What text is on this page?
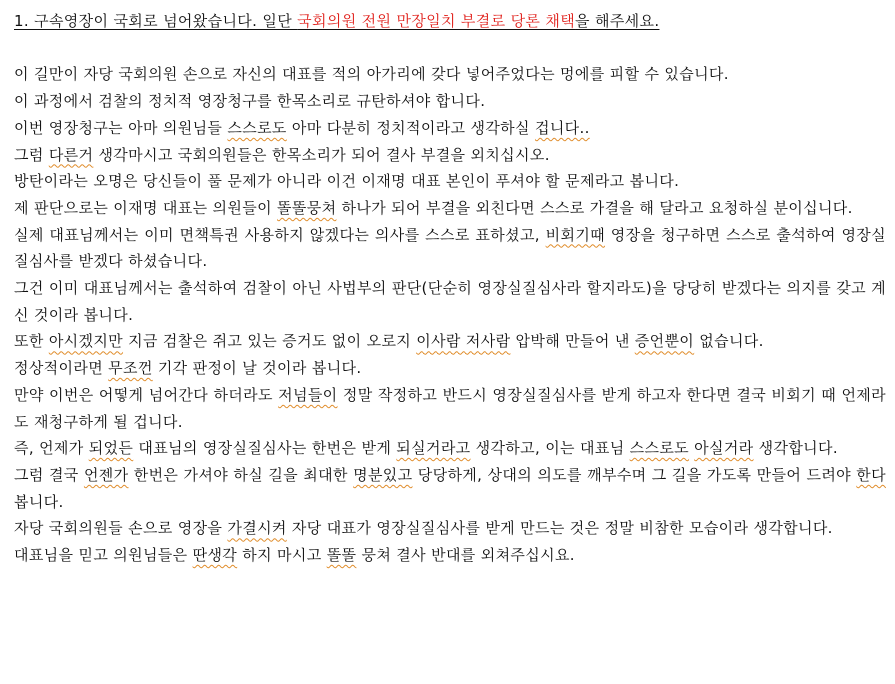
1. 구속영장이 국회로 넘어왔습니다. 일단 국회의원 전원 만장일치 부결로 당론 채택을 해주세요.

이 길만이 자당 국회의원 손으로 자신의 대표를 적의 아가리에 갖다 넣어주었다는 멍에를 피할 수 있습니다.

이 과정에서 검찰의 정치적 영장청구를 한목소리로 규탄하셔야 합니다.

이번 영장청구는 아마 의원님들 스스로도 아마 다분히 정치적이라고 생각하실 겁니다..

그럼 다른거 생각마시고 국회의원들은 한목소리가 되어 결사 부결을 외치십시오.

방탄이라는 오명은 당신들이 풀 문제가 아니라 이건 이재명 대표 본인이 푸셔야 할 문제라고 봅니다.

제 판단으로는 이재명 대표는 의원들이 똘똘뭉쳐 하나가 되어 부결을 외친다면 스스로 가결을 해 달라고 요청하실 분이십니다.

실제 대표님께서는 이미 면책특권 사용하지 않겠다는 의사를 스스로 표하셨고, 비회기때 영장을 청구하면 스스로 출석하여 영장실질심사를 받겠다 하셨습니다.

그건 이미 대표님께서는 출석하여 검찰이 아닌 사법부의 판단(단순히 영장실질심사라 할지라도)을 당당히 받겠다는 의지를 갖고 계신 것이라 봅니다.

또한 아시겠지만 지금 검찰은 쥐고 있는 증거도 없이 오로지 이사람 저사람 압박해 만들어 낸 증언뿐이 없습니다.

정상적이라면 무조껀 기각 판정이 날 것이라 봅니다.

만약 이번은 어떻게 넘어간다 하더라도 저넘들이 정말 작정하고 반드시 영장실질심사를 받게 하고자 한다면 결국 비회기 때 언제라도 재청구하게 될 겁니다.

즉, 언제가 되었든 대표님의 영장실질심사는 한번은 받게 되실거라고 생각하고, 이는 대표님 스스로도 아실거라 생각합니다.

그럼 결국 언젠가 한번은 가셔야 하실 길을 최대한 명분있고 당당하게, 상대의 의도를 깨부수며 그 길을 가도록 만들어 드려야 한다 봅니다.

자당 국회의원들 손으로 영장을 가결시켜 자당 대표가 영장실질심사를 받게 만드는 것은 정말 비참한 모습이라 생각합니다.

대표님을 믿고 의원님들은 딴생각 하지 마시고 똘똘 뭉쳐 결사 반대를 외쳐주십시요.
